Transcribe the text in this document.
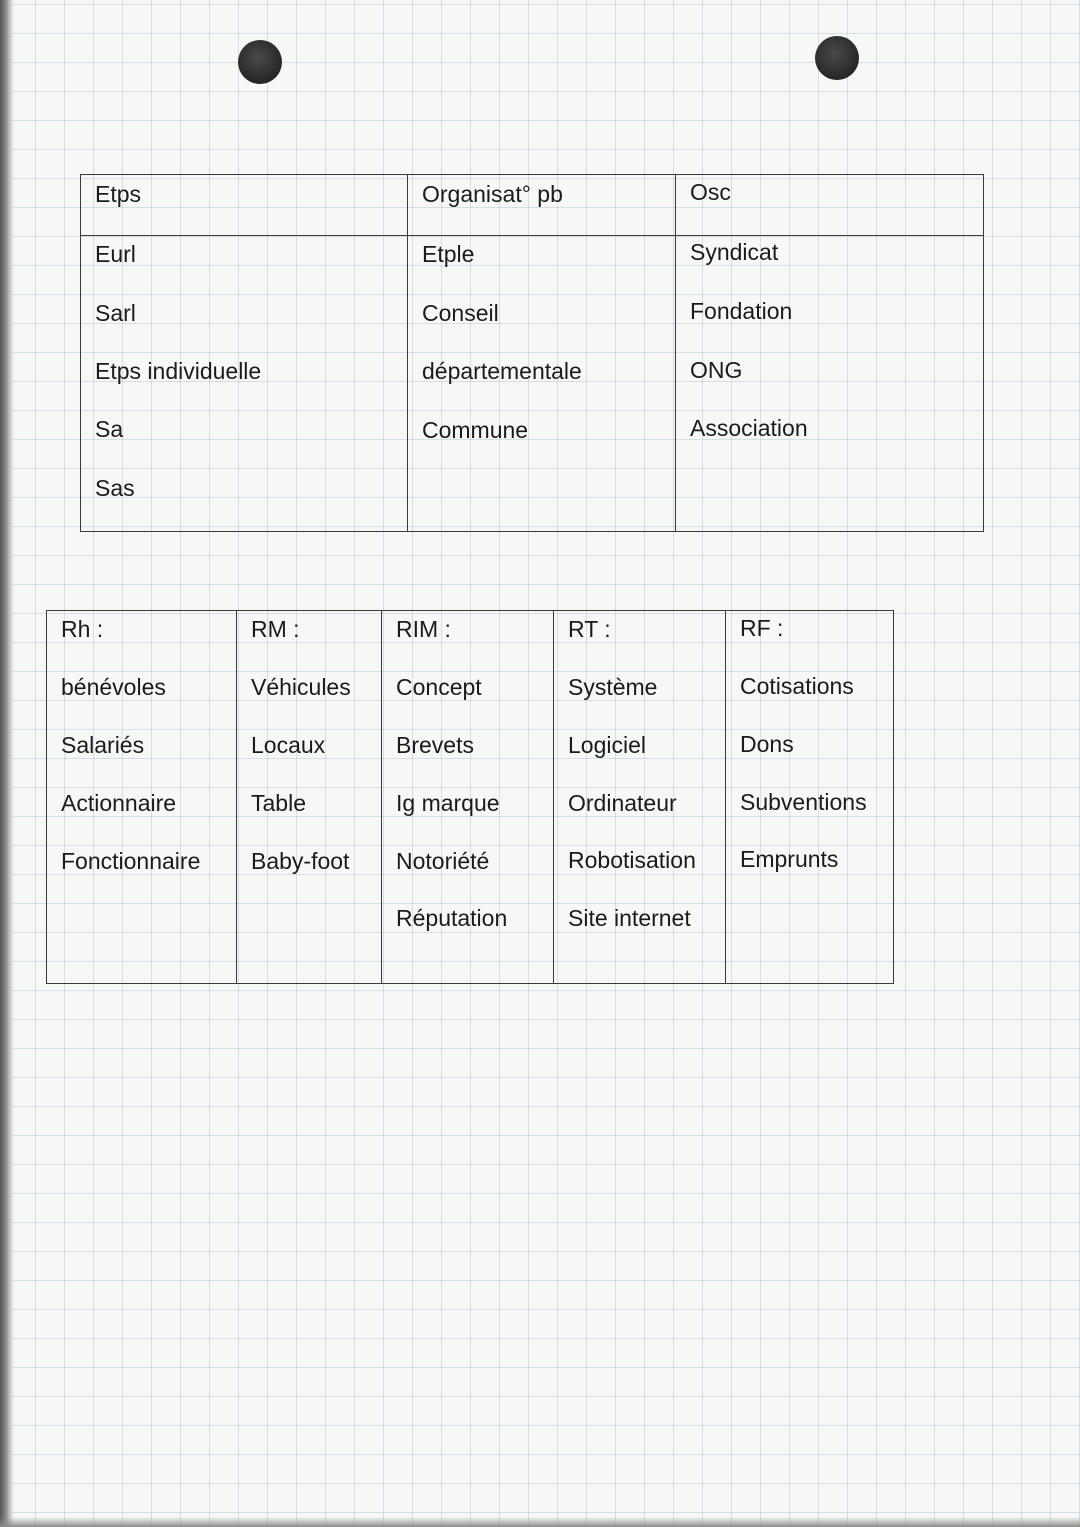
Etps
Eurl
Sarl
Etps individuelle
Sa
Sas
Organisat° pb
Etple
Conseil
départementale
Commune
Osc
Syndicat
Fondation
ONG
Association
Rh :
bénévoles
Salariés
Actionnaire
Fonctionnaire
RM :
Véhicules
Locaux
Table
Baby-foot
RIM :
Concept
Brevets
Ig marque
Notoriété
Réputation
RT :
Système
Logiciel
Ordinateur
Robotisation
Site internet
RF :
Cotisations
Dons
Subventions
Emprunts
